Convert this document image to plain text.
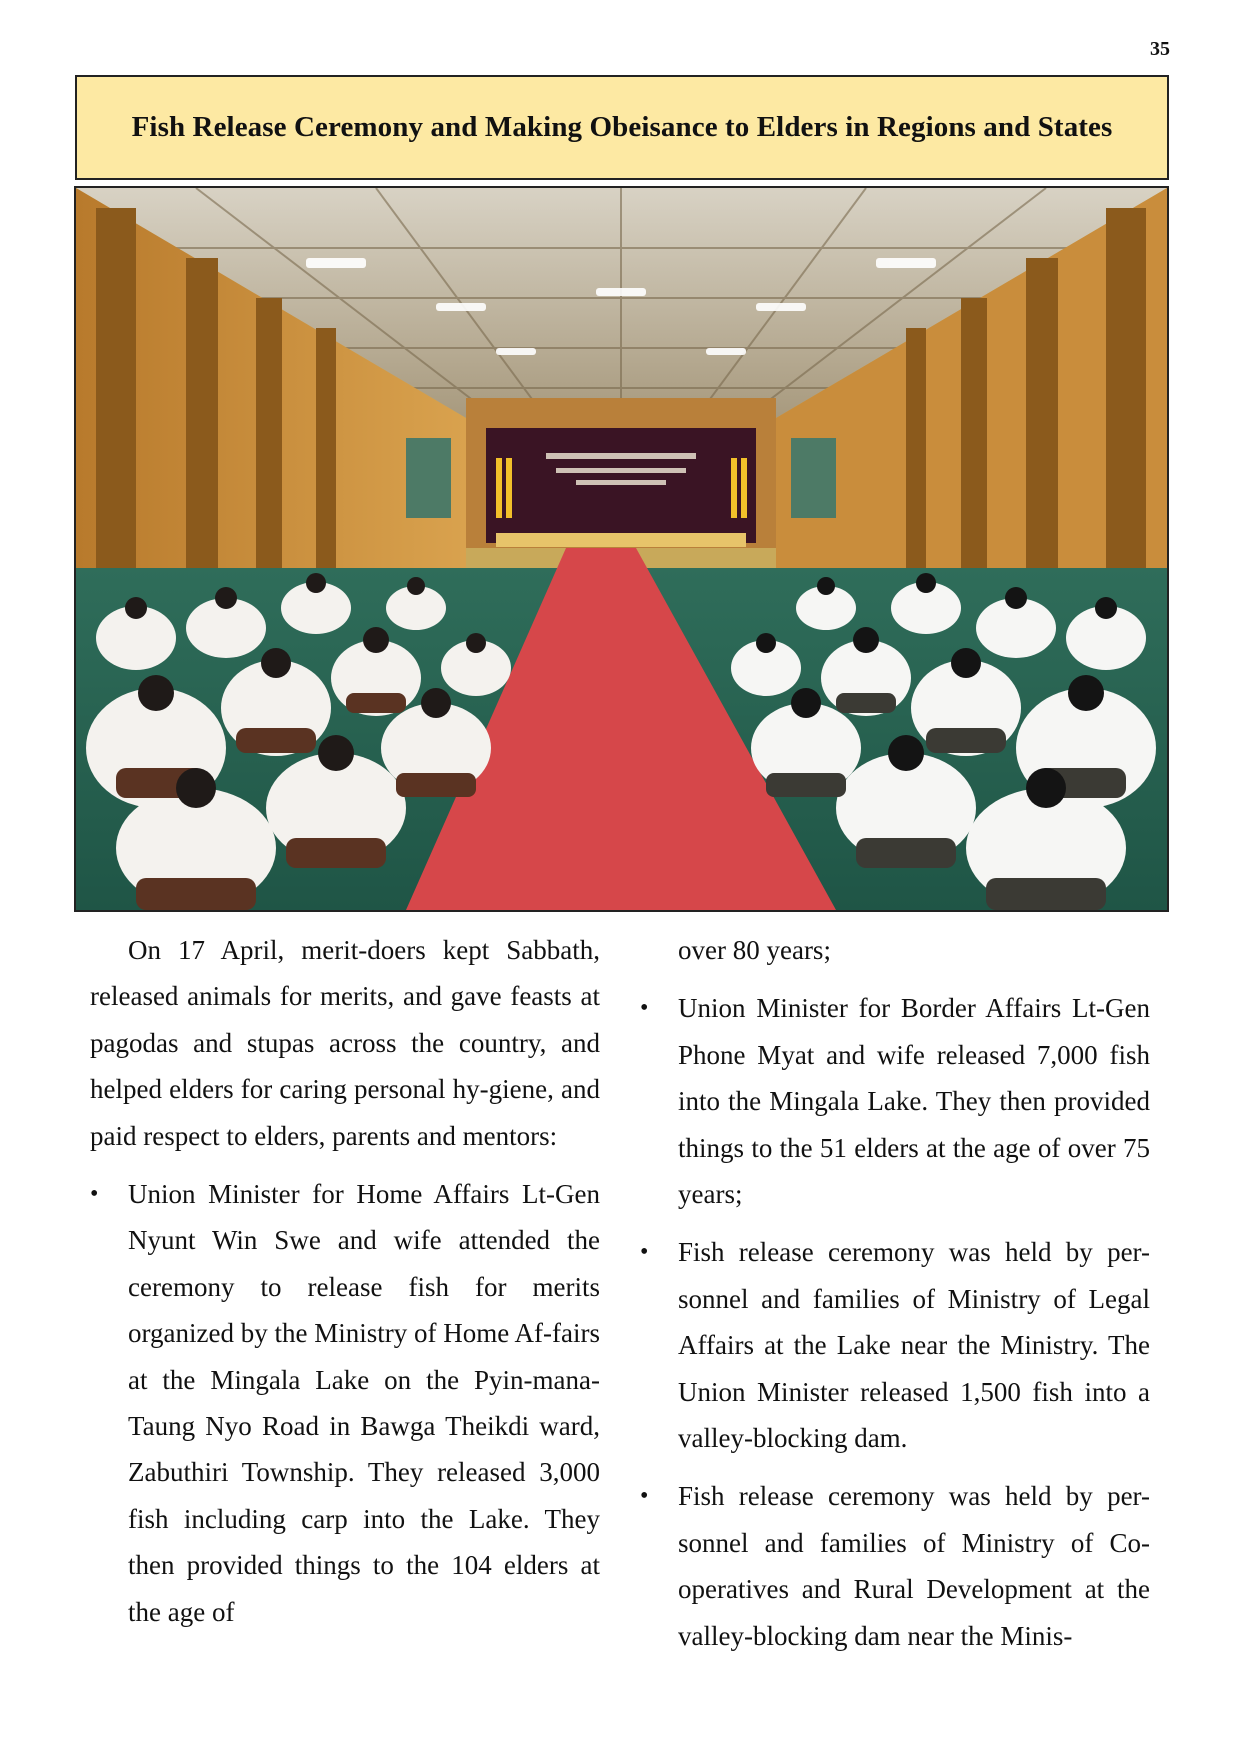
35
Fish Release Ceremony and Making Obeisance to Elders in Regions and States

On 17 April, merit-doers kept Sabbath, released animals for merits, and gave feasts at pagodas and stupas across the country, and helped elders for caring personal hy-giene, and paid respect to elders, parents and mentors:

• Union Minister for Home Affairs Lt-Gen Nyunt Win Swe and wife attended the ceremony to release fish for merits organized by the Ministry of Home Af-fairs at the Mingala Lake on the Pyin-mana- Taung Nyo Road in Bawga Theikdi ward, Zabuthiri Township. They released 3,000 fish including carp into the Lake. They then provided things to the 104 elders at the age of

over 80 years;

• Union Minister for Border Affairs Lt-Gen Phone Myat and wife released 7,000 fish into the Mingala Lake. They then provided things to the 51 elders at the age of over 75 years;
• Fish release ceremony was held by per-sonnel and families of Ministry of Legal Affairs at the Lake near the Ministry. The Union Minister released 1,500 fish into a valley-blocking dam.
• Fish release ceremony was held by per-sonnel and families of Ministry of Co-operatives and Rural Development at the valley-blocking dam near the Minis-
